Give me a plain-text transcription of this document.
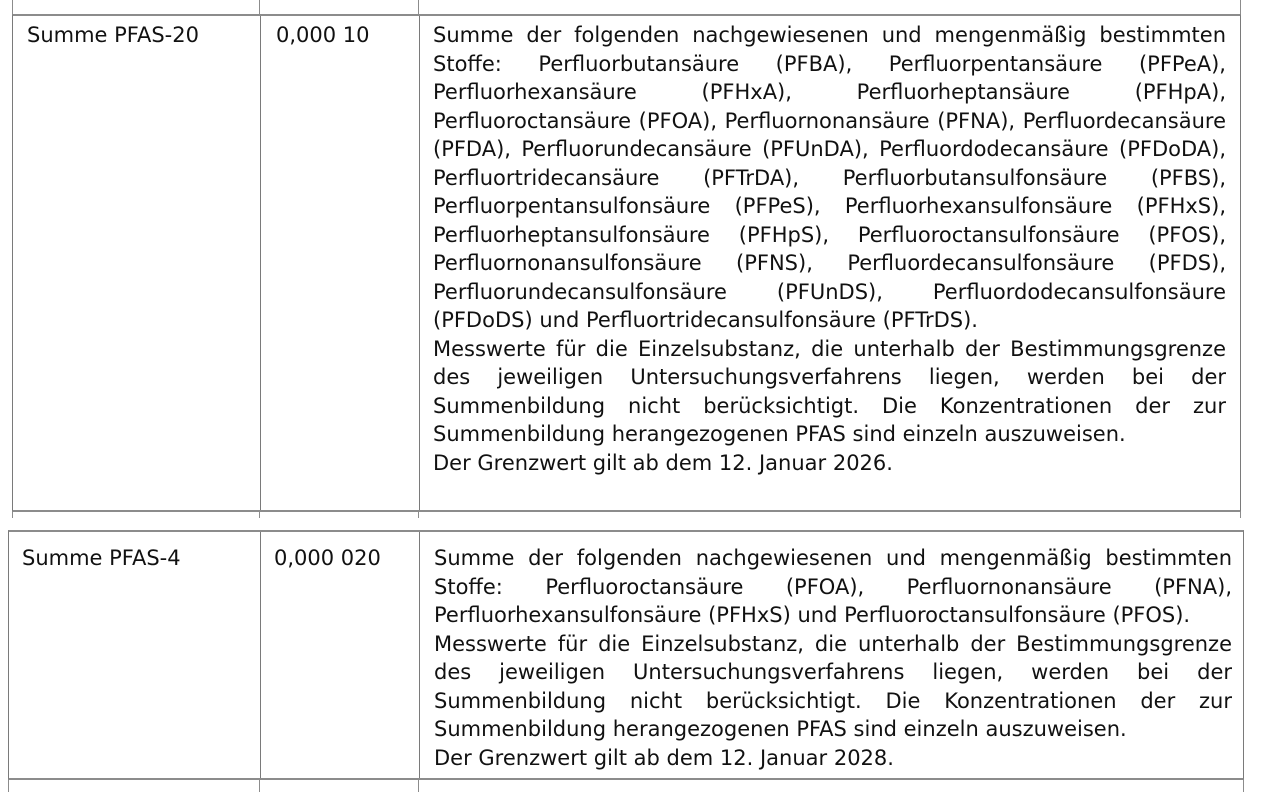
Summe PFAS-20	0,000 10	Summe der folgenden nachgewiesenen und mengenmäßig bestimmten Stoffe: Perfluorbutansäure (PFBA), Perfluorpentansäure (PFPeA), Perfluorhexansäure (PFHxA), Perfluorheptansäure (PFHpA), Perfluoroctansäure (PFOA), Perfluornonansäure (PFNA), Perfluordecansäure (PFDA), Perfluorundecansäure (PFUnDA), Perfluordodecansäure (PFDoDA), Perfluortridecansäure (PFTrDA), Perfluorbutansulfonsäure (PFBS), Perfluorpentansulfonsäure (PFPeS), Perfluorhexansulfonsäure (PFHxS), Perfluorheptansulfonsäure (PFHpS), Perfluoroctansulfonsäure (PFOS), Perfluornonansulfonsäure (PFNS), Perfluordecansulfonsäure (PFDS), Perfluorundecansulfonsäure (PFUnDS), Perfluordodecansulfonsäure (PFDoDS) und Perfluortridecansulfonsäure (PFTrDS).

Messwerte für die Einzelsubstanz, die unterhalb der Bestimmungsgrenze des jeweiligen Untersuchungsverfahrens liegen, werden bei der Summenbildung nicht berücksichtigt. Die Konzentrationen der zur Summenbildung herangezogenen PFAS sind einzeln auszuweisen.

Der Grenzwert gilt ab dem 12. Januar 2026.

Summe PFAS-4	0,000 020	Summe der folgenden nachgewiesenen und mengenmäßig bestimmten Stoffe: Perfluoroctansäure (PFOA), Perfluornonansäure (PFNA), Perfluorhexansulfonsäure (PFHxS) und Perfluoroctansulfonsäure (PFOS).

Messwerte für die Einzelsubstanz, die unterhalb der Bestimmungsgrenze des jeweiligen Untersuchungsverfahrens liegen, werden bei der Summenbildung nicht berücksichtigt. Die Konzentrationen der zur Summenbildung herangezogenen PFAS sind einzeln auszuweisen.

Der Grenzwert gilt ab dem 12. Januar 2028.
